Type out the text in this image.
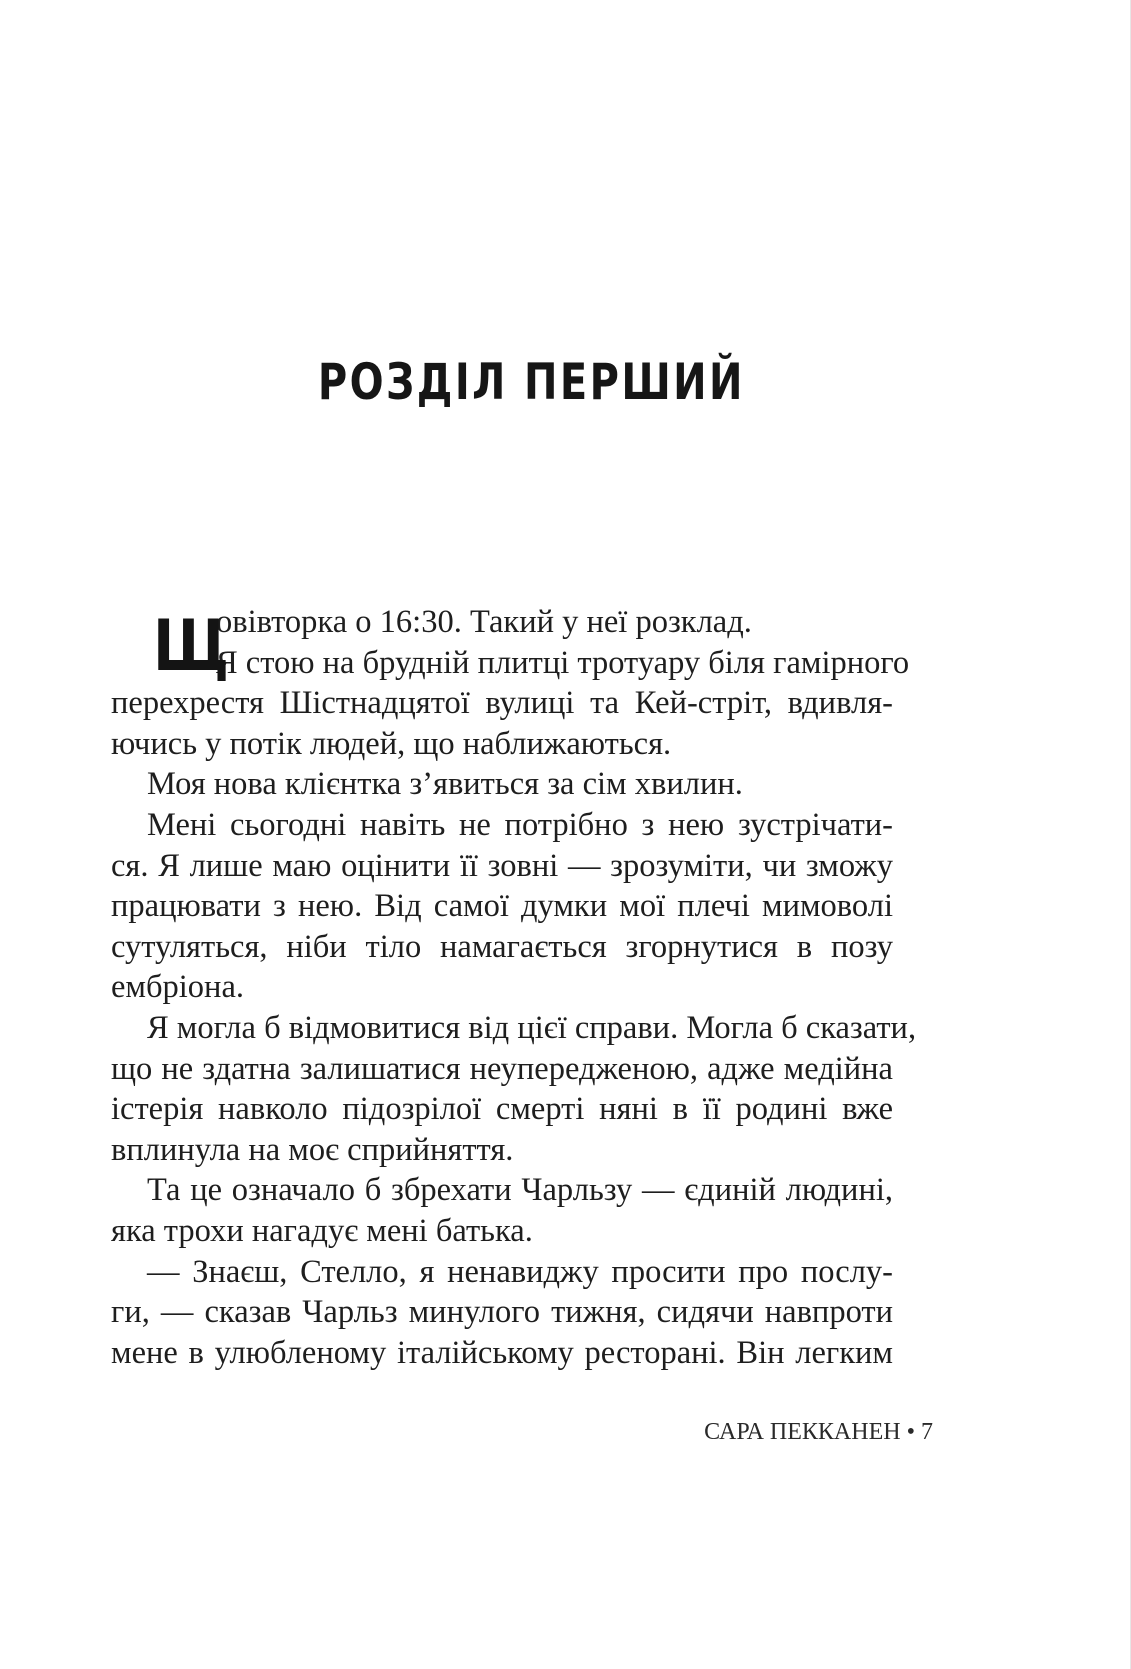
РОЗДІЛ ПЕРШИЙ
Щ
овівторка о 16:30. Такий у неї розклад.
Я стою на брудній плитці тротуару біля гамірного
перехрестя Шістнадцятої вулиці та Кей-стріт, вдивля-
ючись у потік людей, що наближаються.
Моя нова клієнтка з’явиться за сім хвилин.
Мені сьогодні навіть не потрібно з нею зустрічати-
ся. Я лише маю оцінити її зовні — зрозуміти, чи зможу
працювати з нею. Від самої думки мої плечі мимоволі
сутуляться, ніби тіло намагається згорнутися в позу
ембріона.
Я могла б відмовитися від цієї справи. Могла б сказати,
що не здатна залишатися неупередженою, адже медійна
істерія навколо підозрілої смерті няні в її родині вже
вплинула на моє сприйняття.
Та це означало б збрехати Чарльзу — єдиній людині,
яка трохи нагадує мені батька.
— Знаєш, Стелло, я ненавиджу просити про послу-
ги, — сказав Чарльз минулого тижня, сидячи навпроти
мене в улюбленому італійському ресторані. Він легким
САРА ПЕККАНЕН • 7
